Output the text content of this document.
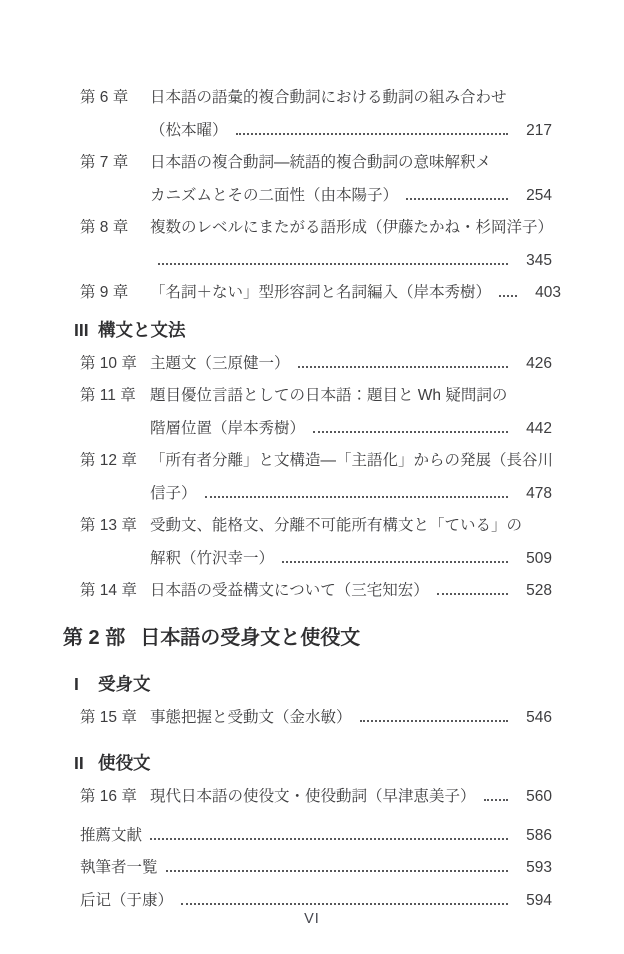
第 6 章 日本語の語彙的複合動詞における動詞の組み合わせ
（松本曜）	217
第 7 章 日本語の複合動詞—統語的複合動詞の意味解釈メ
カニズムとその二面性（由本陽子）	254
第 8 章 複数のレベルにまたがる語形成（伊藤たかね・杉岡洋子）
345
第 9 章 「名詞＋ない」型形容詞と名詞編入（岸本秀樹）	403
III 構文と文法
第 10 章 主題文（三原健一）	426
第 11 章 題目優位言語としての日本語：題目と Wh 疑問詞の
階層位置（岸本秀樹）	442
第 12 章 「所有者分離」と文構造—「主語化」からの発展（長谷川
信子）	478
第 13 章 受動文、能格文、分離不可能所有構文と「ている」の
解釈（竹沢幸一）	509
第 14 章 日本語の受益構文について（三宅知宏）	528
第 2 部 日本語の受身文と使役文
I 受身文
第 15 章 事態把握と受動文（金水敏）	546
II 使役文
第 16 章 現代日本語の使役文・使役動詞（早津恵美子）	560
推薦文献	586
執筆者一覧	593
后记（于康）	594
VI
